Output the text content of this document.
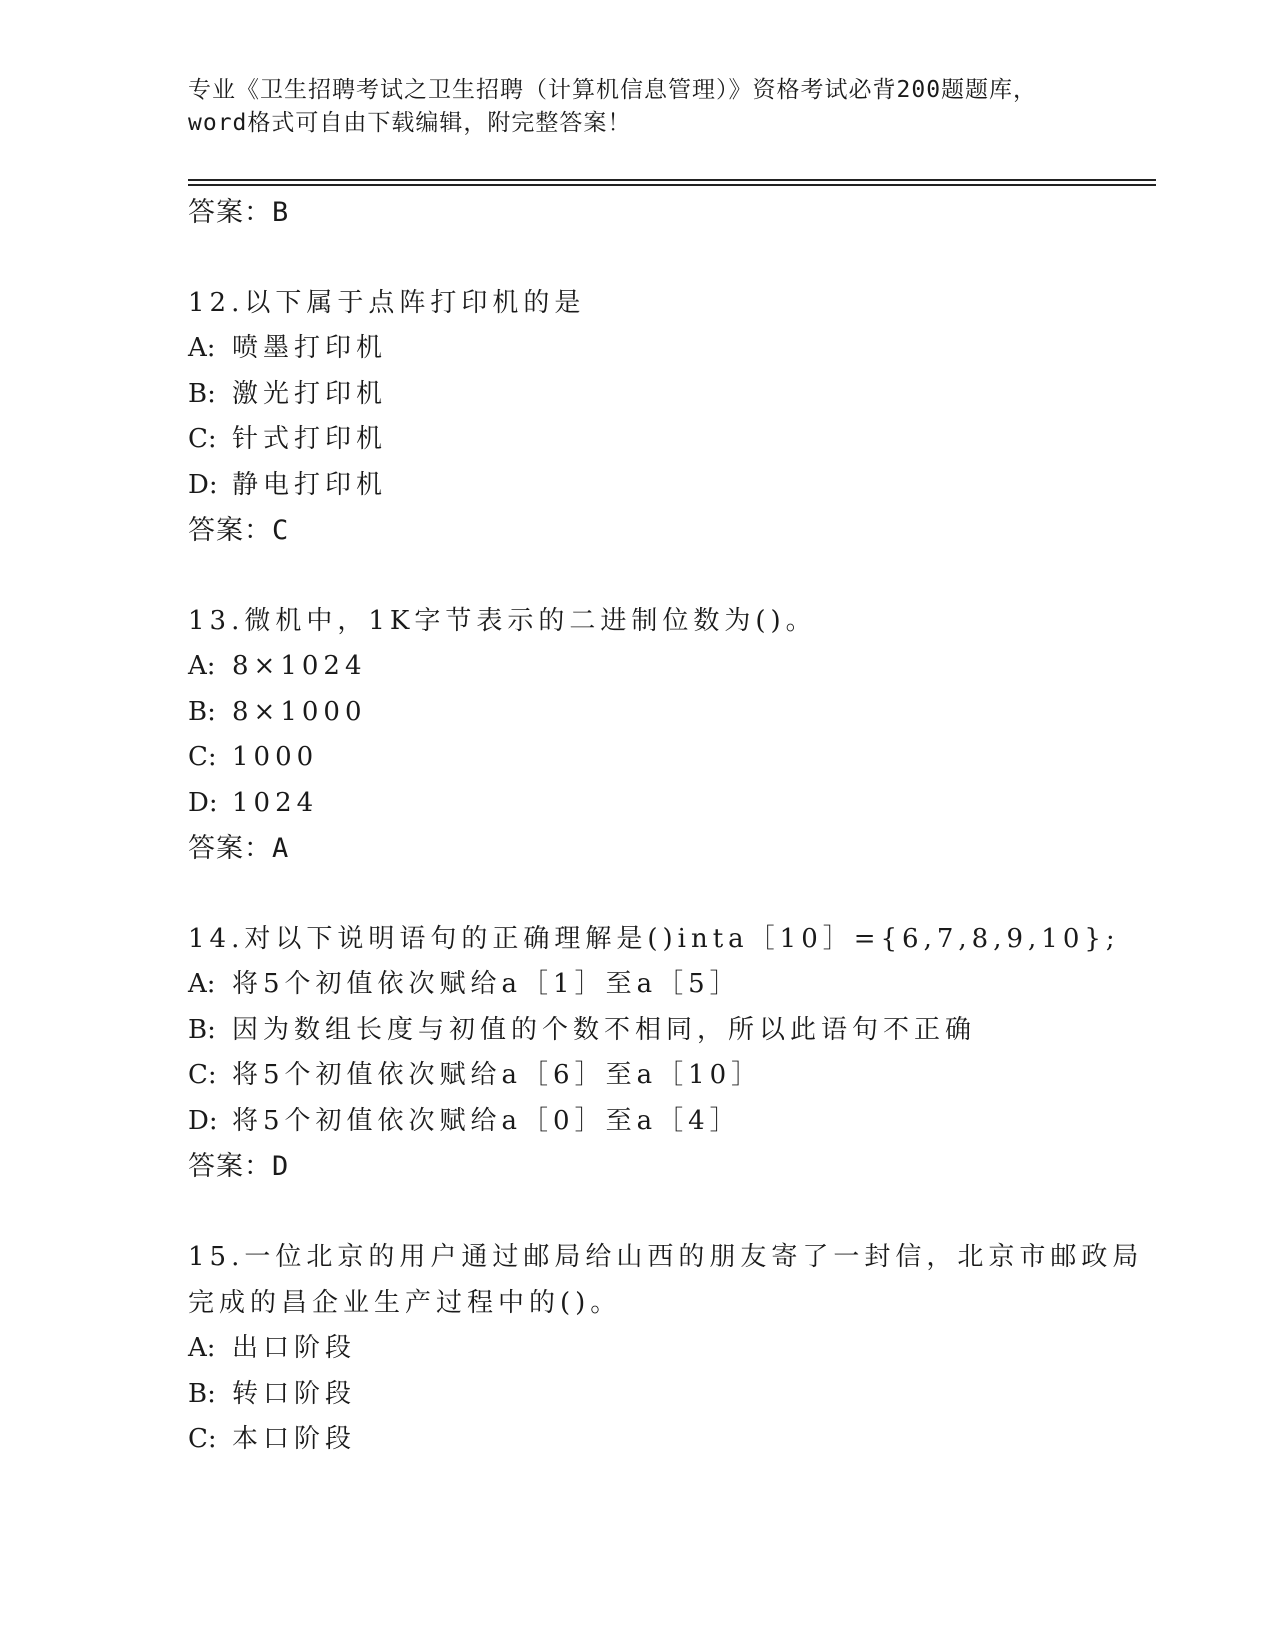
专业《卫生招聘考试之卫生招聘（计算机信息管理）》资格考试必背200题题库，
word格式可自由下载编辑，附完整答案！
答案：B
12.以下属于点阵打印机的是
A: 喷墨打印机
B: 激光打印机
C: 针式打印机
D: 静电打印机
答案：C
13.微机中，1K字节表示的二进制位数为()。
A: 8×1024
B: 8×1000
C: 1000
D: 1024
答案：A
14.对以下说明语句的正确理解是()inta［10］={6,7,8,9,10};
A: 将5个初值依次赋给a［1］至a［5］
B: 因为数组长度与初值的个数不相同，所以此语句不正确
C: 将5个初值依次赋给a［6］至a［10］
D: 将5个初值依次赋给a［0］至a［4］
答案：D
15.一位北京的用户通过邮局给山西的朋友寄了一封信，北京市邮政局
完成的昌企业生产过程中的()。
A: 出口阶段
B: 转口阶段
C: 本口阶段
